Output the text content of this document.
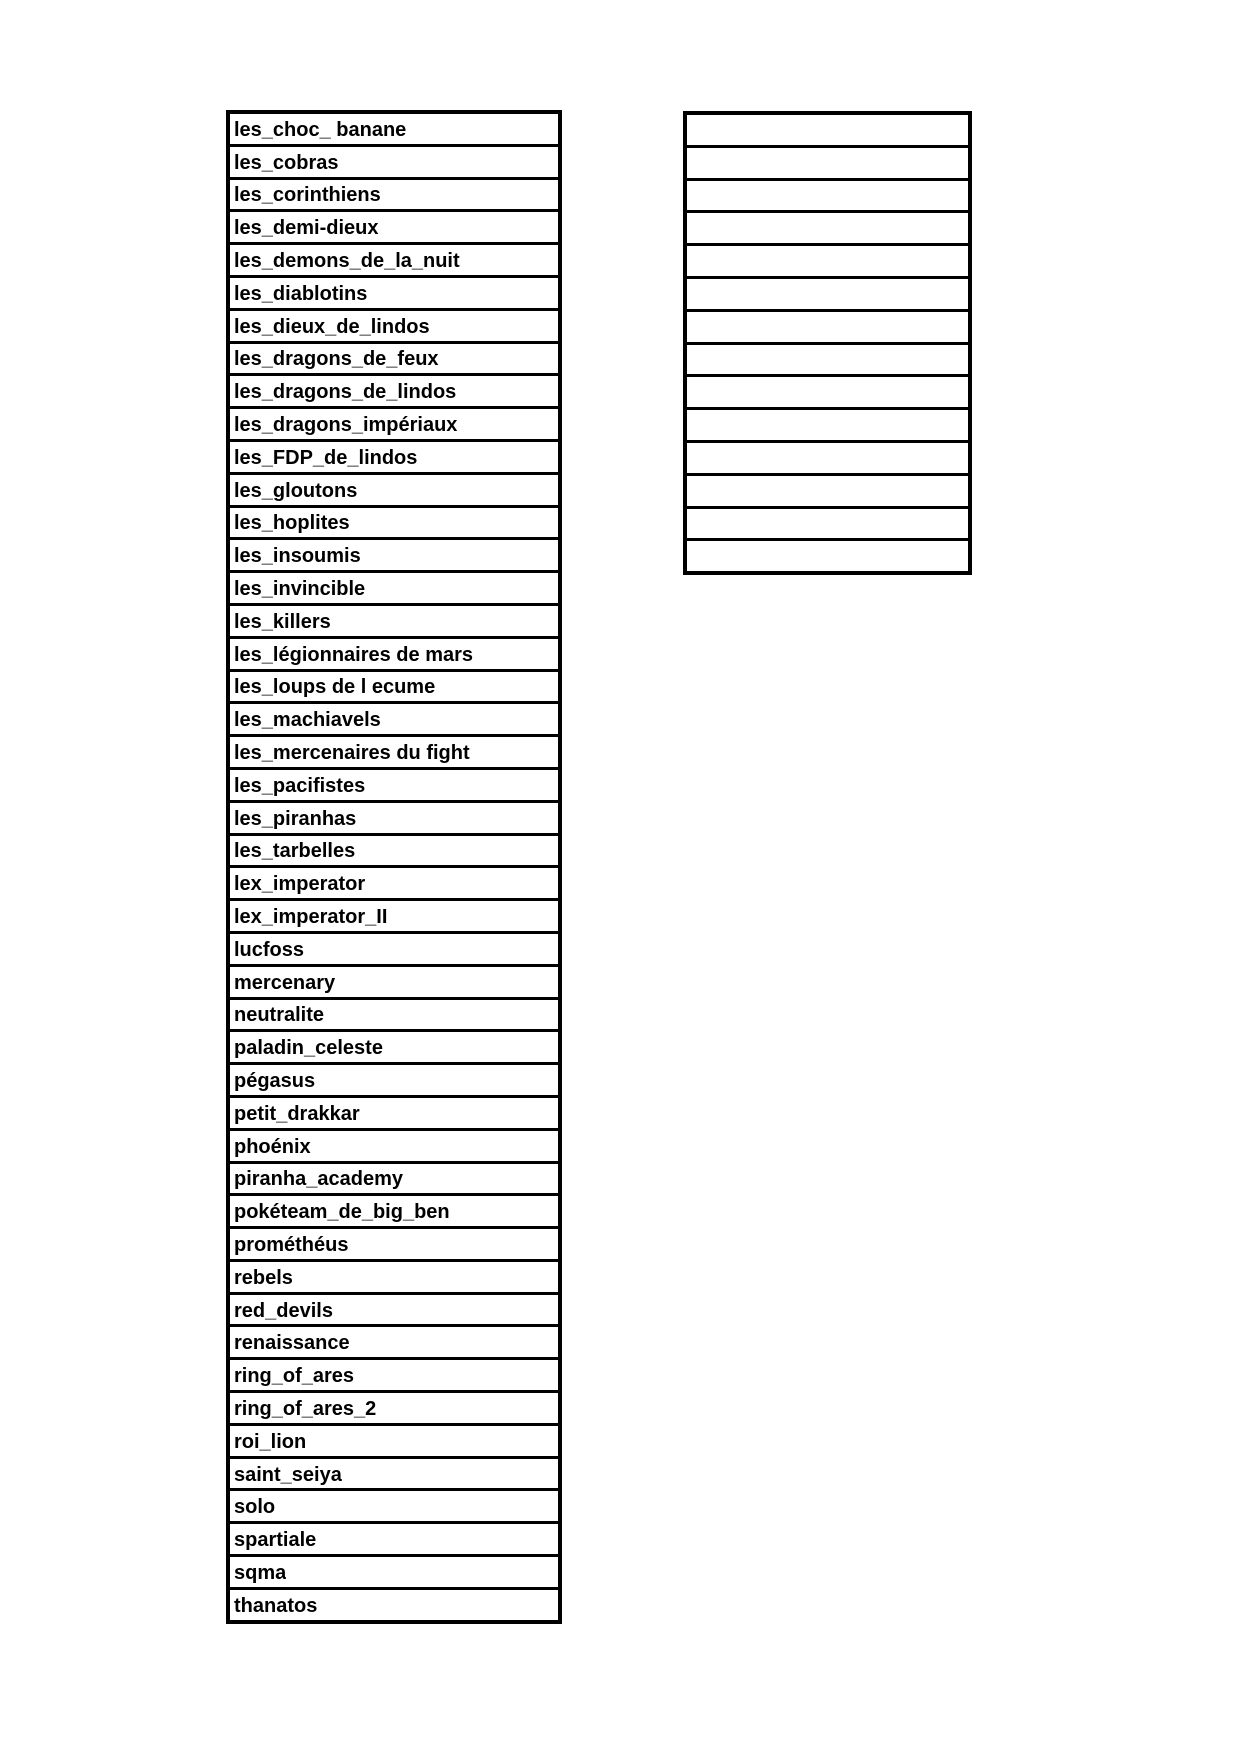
les_choc_ banane
les_cobras
les_corinthiens
les_demi-dieux
les_demons_de_la_nuit
les_diablotins
les_dieux_de_lindos
les_dragons_de_feux
les_dragons_de_lindos
les_dragons_impériaux
les_FDP_de_lindos
les_gloutons
les_hoplites
les_insoumis
les_invincible
les_killers
les_légionnaires de mars
les_loups de l ecume
les_machiavels
les_mercenaires du fight
les_pacifistes
les_piranhas
les_tarbelles
lex_imperator
lex_imperator_II
lucfoss
mercenary
neutralite
paladin_celeste
pégasus
petit_drakkar
phoénix
piranha_academy
pokéteam_de_big_ben
prométhéus
rebels
red_devils
renaissance
ring_of_ares
ring_of_ares_2
roi_lion
saint_seiya
solo
spartiale
sqma
thanatos
